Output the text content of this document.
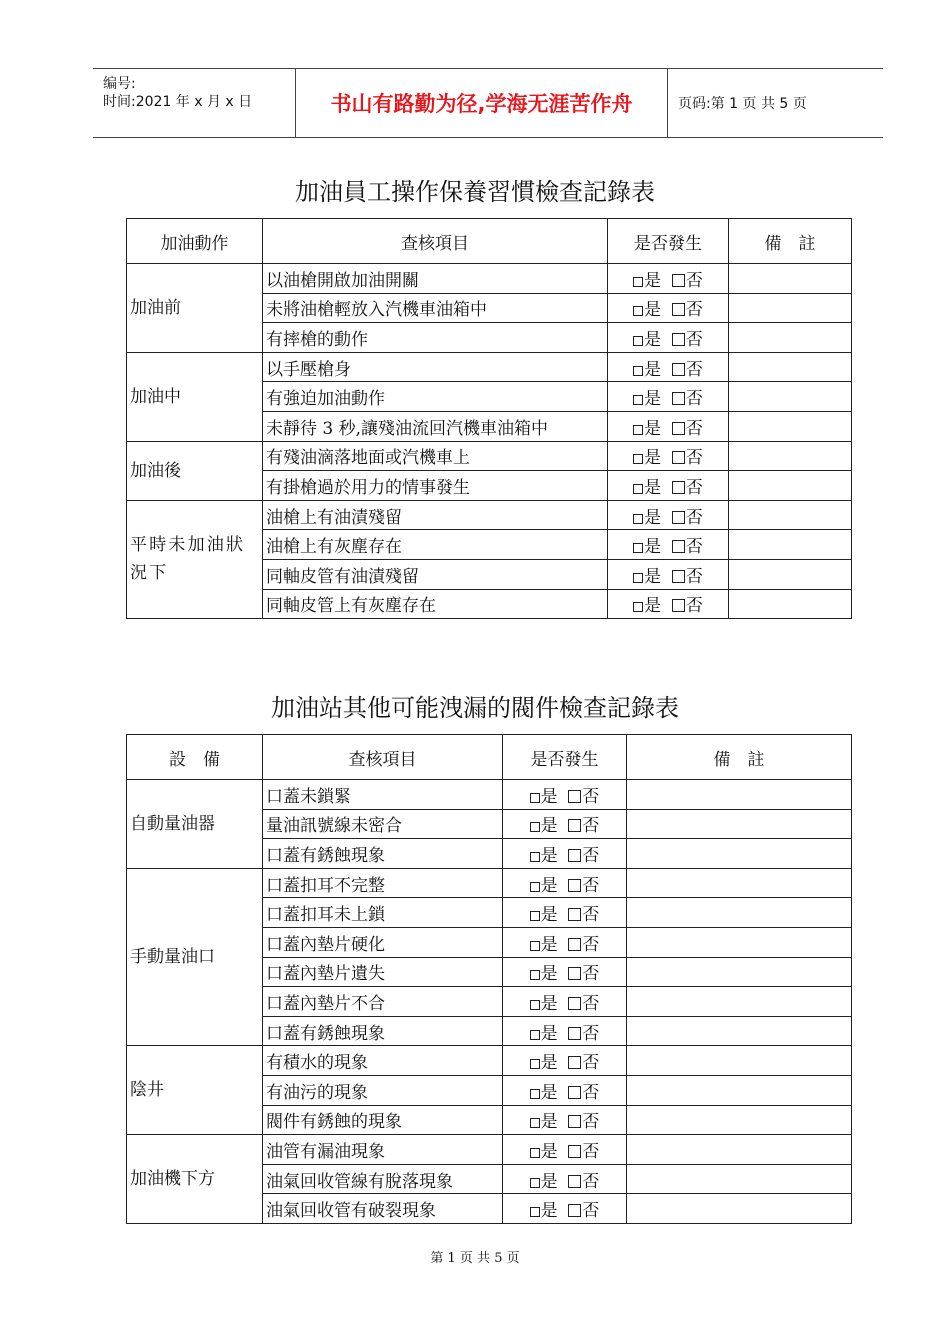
编号:
时间:2021 年 x 月 x 日	书山有路勤为径,学海无涯苦作舟	页码:第 1 页 共 5 页
加油員工操作保養習慣檢查記錄表
加油動作	查核項目	是否發生	備　註
加油前	以油槍開啟加油開關	是 否	
	未將油槍輕放入汽機車油箱中	是 否	
	有摔槍的動作	是 否	
加油中	以手壓槍身	是 否	
	有強迫加油動作	是 否	
	未靜待 3 秒,讓殘油流回汽機車油箱中	是 否	
加油後	有殘油滴落地面或汽機車上	是 否	
	有掛槍過於用力的情事發生	是 否	
平時未加油狀況下	油槍上有油漬殘留	是 否	
	油槍上有灰塵存在	是 否	
	同軸皮管有油漬殘留	是 否	
	同軸皮管上有灰塵存在	是 否	
加油站其他可能洩漏的閥件檢查記錄表
設　備	查核項目	是否發生	備　註
自動量油器	口蓋未鎖緊	是 否	
	量油訊號線未密合	是 否	
	口蓋有銹蝕現象	是 否	
手動量油口	口蓋扣耳不完整	是 否	
	口蓋扣耳未上鎖	是 否	
	口蓋內墊片硬化	是 否	
	口蓋內墊片遺失	是 否	
	口蓋內墊片不合	是 否	
	口蓋有銹蝕現象	是 否	
陰井	有積水的現象	是 否	
	有油污的現象	是 否	
	閥件有銹蝕的現象	是 否	
加油機下方	油管有漏油現象	是 否	
	油氣回收管線有脫落現象	是 否	
	油氣回收管有破裂現象	是 否	
第 1 页 共 5 页
